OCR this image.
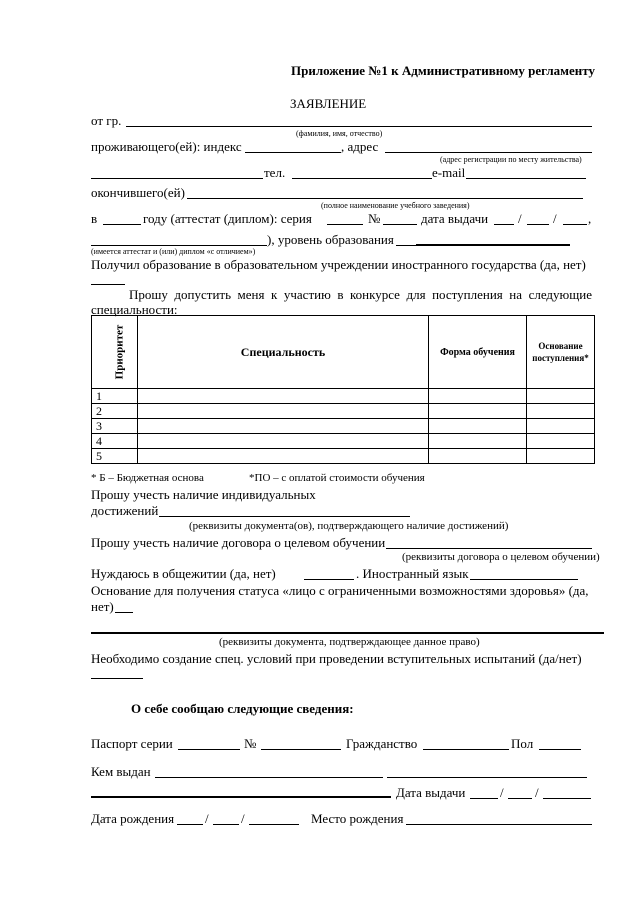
Приложение №1 к Административному регламенту
ЗАЯВЛЕНИЕ
от гр.
(фамилия, имя, отчество)
проживающего(ей): индекс	, адрес
(адрес регистрации по месту жительства)
тел.	e-mail
окончившего(ей)
(полное наименование учебного заведения)
в	году (аттестат (диплом): серия	№	дата выдачи / / ,
), уровень образования
(имеется аттестат и (или) диплом «с отличием»)
Получил образование в образовательном учреждении иностранного государства (да, нет)
Прошу допустить меня к участию в конкурсе для поступления на следующие специальности:
Приоритет	Специальность	Форма обучения	Основание поступления*
1			
2			
3			
4			
5			
* Б – Бюджетная основа	*ПО – с оплатой стоимости обучения
Прошу учесть наличие индивидуальных
достижений
(реквизиты документа(ов), подтверждающего наличие достижений)
Прошу учесть наличие договора о целевом обучении
(реквизиты договора о целевом обучении)
Нуждаюсь в общежитии (да, нет)	. Иностранный язык
Основание для получения статуса «лицо с ограниченными возможностями здоровья» (да,
нет)
(реквизиты документа, подтверждающее данное право)
Необходимо создание спец. условий при проведении вступительных испытаний (да/нет)
О себе сообщаю следующие сведения:
Паспорт серии	№	Гражданство	Пол
Кем выдан
Дата выдачи	/ /
Дата рождения / /	Место рождения
